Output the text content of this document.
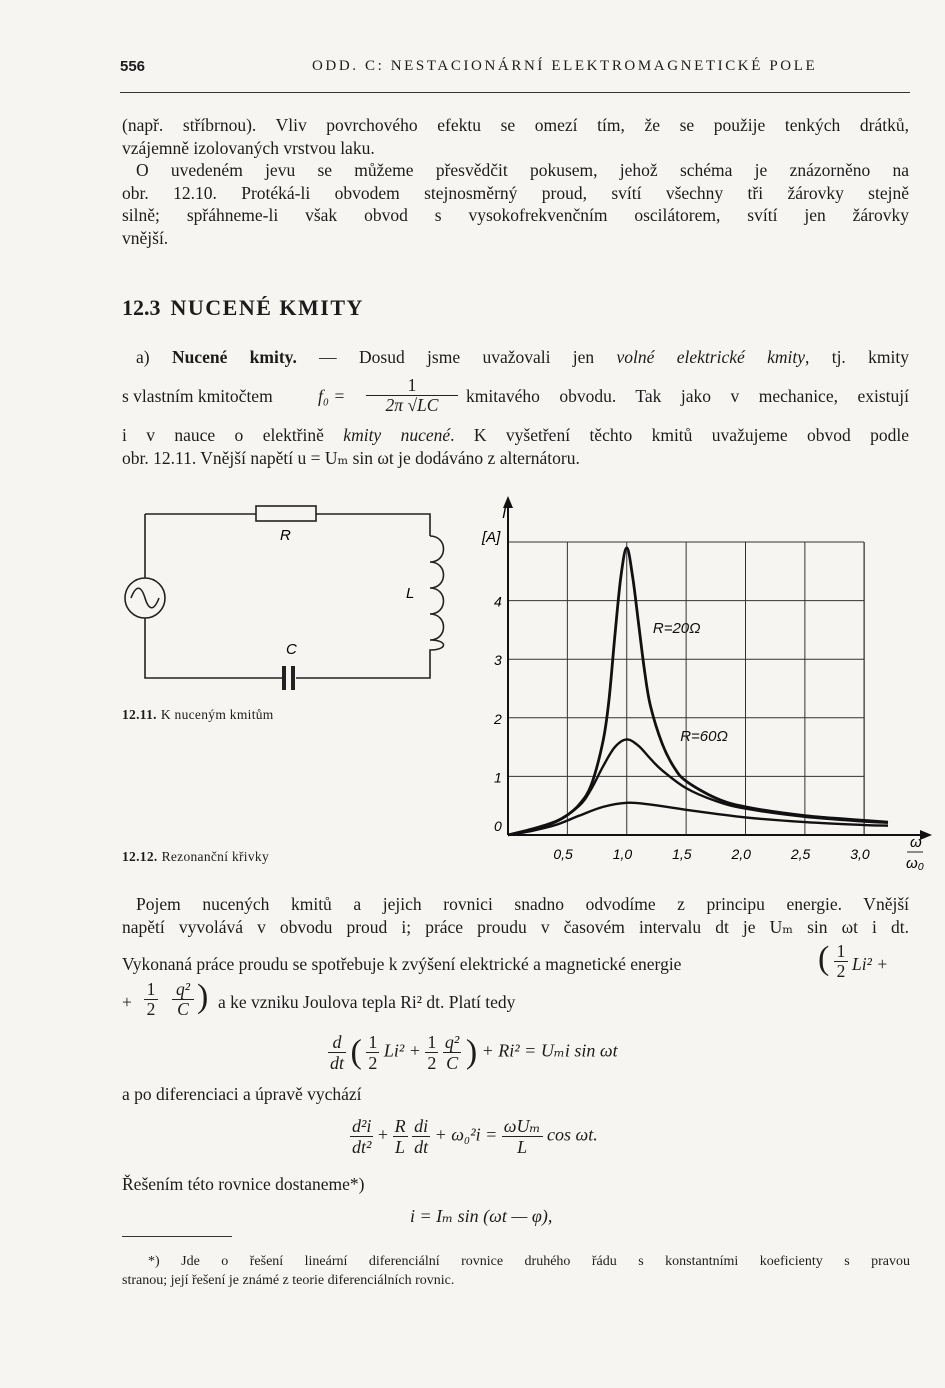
556	ODD. C: NESTACIONÁRNÍ ELEKTROMAGNETICKÉ POLE
(např. stříbrnou). Vliv povrchového efektu se omezí tím, že se použije tenkých drátků,
vzájemně izolovaných vrstvou laku.
O uvedeném jevu se můžeme přesvědčit pokusem, jehož schéma je znázorněno na
obr. 12.10. Protéká-li obvodem stejnosměrný proud, svítí všechny tři žárovky stejně
silně; spřáhneme-li však obvod s vysokofrekvenčním oscilátorem, svítí jen žárovky
vnější.
12.3 NUCENÉ KMITY
a) Nucené kmity. — Dosud jsme uvažovali jen volné elektrické kmity, tj. kmity
s vlastním kmitočtem	$f_0 = \frac{1}{2\pi √LC}$ kmitavého obvodu. Tak jako v mechanice, existují
i v nauce o elektřině kmity nucené. K vyšetření těchto kmitů uvažujeme obvod podle
obr. 12.11. Vnější napětí u = Uₘ sin ωt je dodáváno z alternátoru.
R
L
C
12.11. K nuceným kmitům
0,5	1,0	1,5	2,0	2,5	3,0
0
1
2
3
4
R=20Ω
R=60Ω
I
[A]
ω
ω₀
12.12. Rezonanční křivky
Pojem nucených kmitů a jejich rovnici snadno odvodíme z principu energie. Vnější
napětí vyvolává v obvodu proud i; práce proudu v časovém intervalu dt je Uₘ sin ωt i dt.
Vykonaná práce proudu se spotřebuje k zvýšení elektrické a magnetické energie	( $\frac{1}{2} Li^2$ +
+ $\frac{1}{2} \frac{\text{q²}}{C}$ ) a ke vzniku Joulova tepla Ri² dt. Platí tedy
$\frac{d}{dt}$ ( $\frac{1}{2} Li^2 + \frac{1}{2}$
$\frac{\text{q²}}{C}$ ) + Ri² = Uₘi sin ωt
a po diferenciaci a úpravě vychází
$\frac{\text{d²i}}{\text{dt²}} + \frac{R}{L}$
$\frac{di}{dt} + \omega_0^2i = \frac{\text{ωUₘ}}{L}$ cos ωt.
Řešením této rovnice dostaneme*)
i = Iₘ sin (ωt — φ),
*) Jde o řešení lineární diferenciální rovnice druhého řádu s konstantními koeficienty s pravou
stranou; její řešení je známé z teorie diferenciálních rovnic.
